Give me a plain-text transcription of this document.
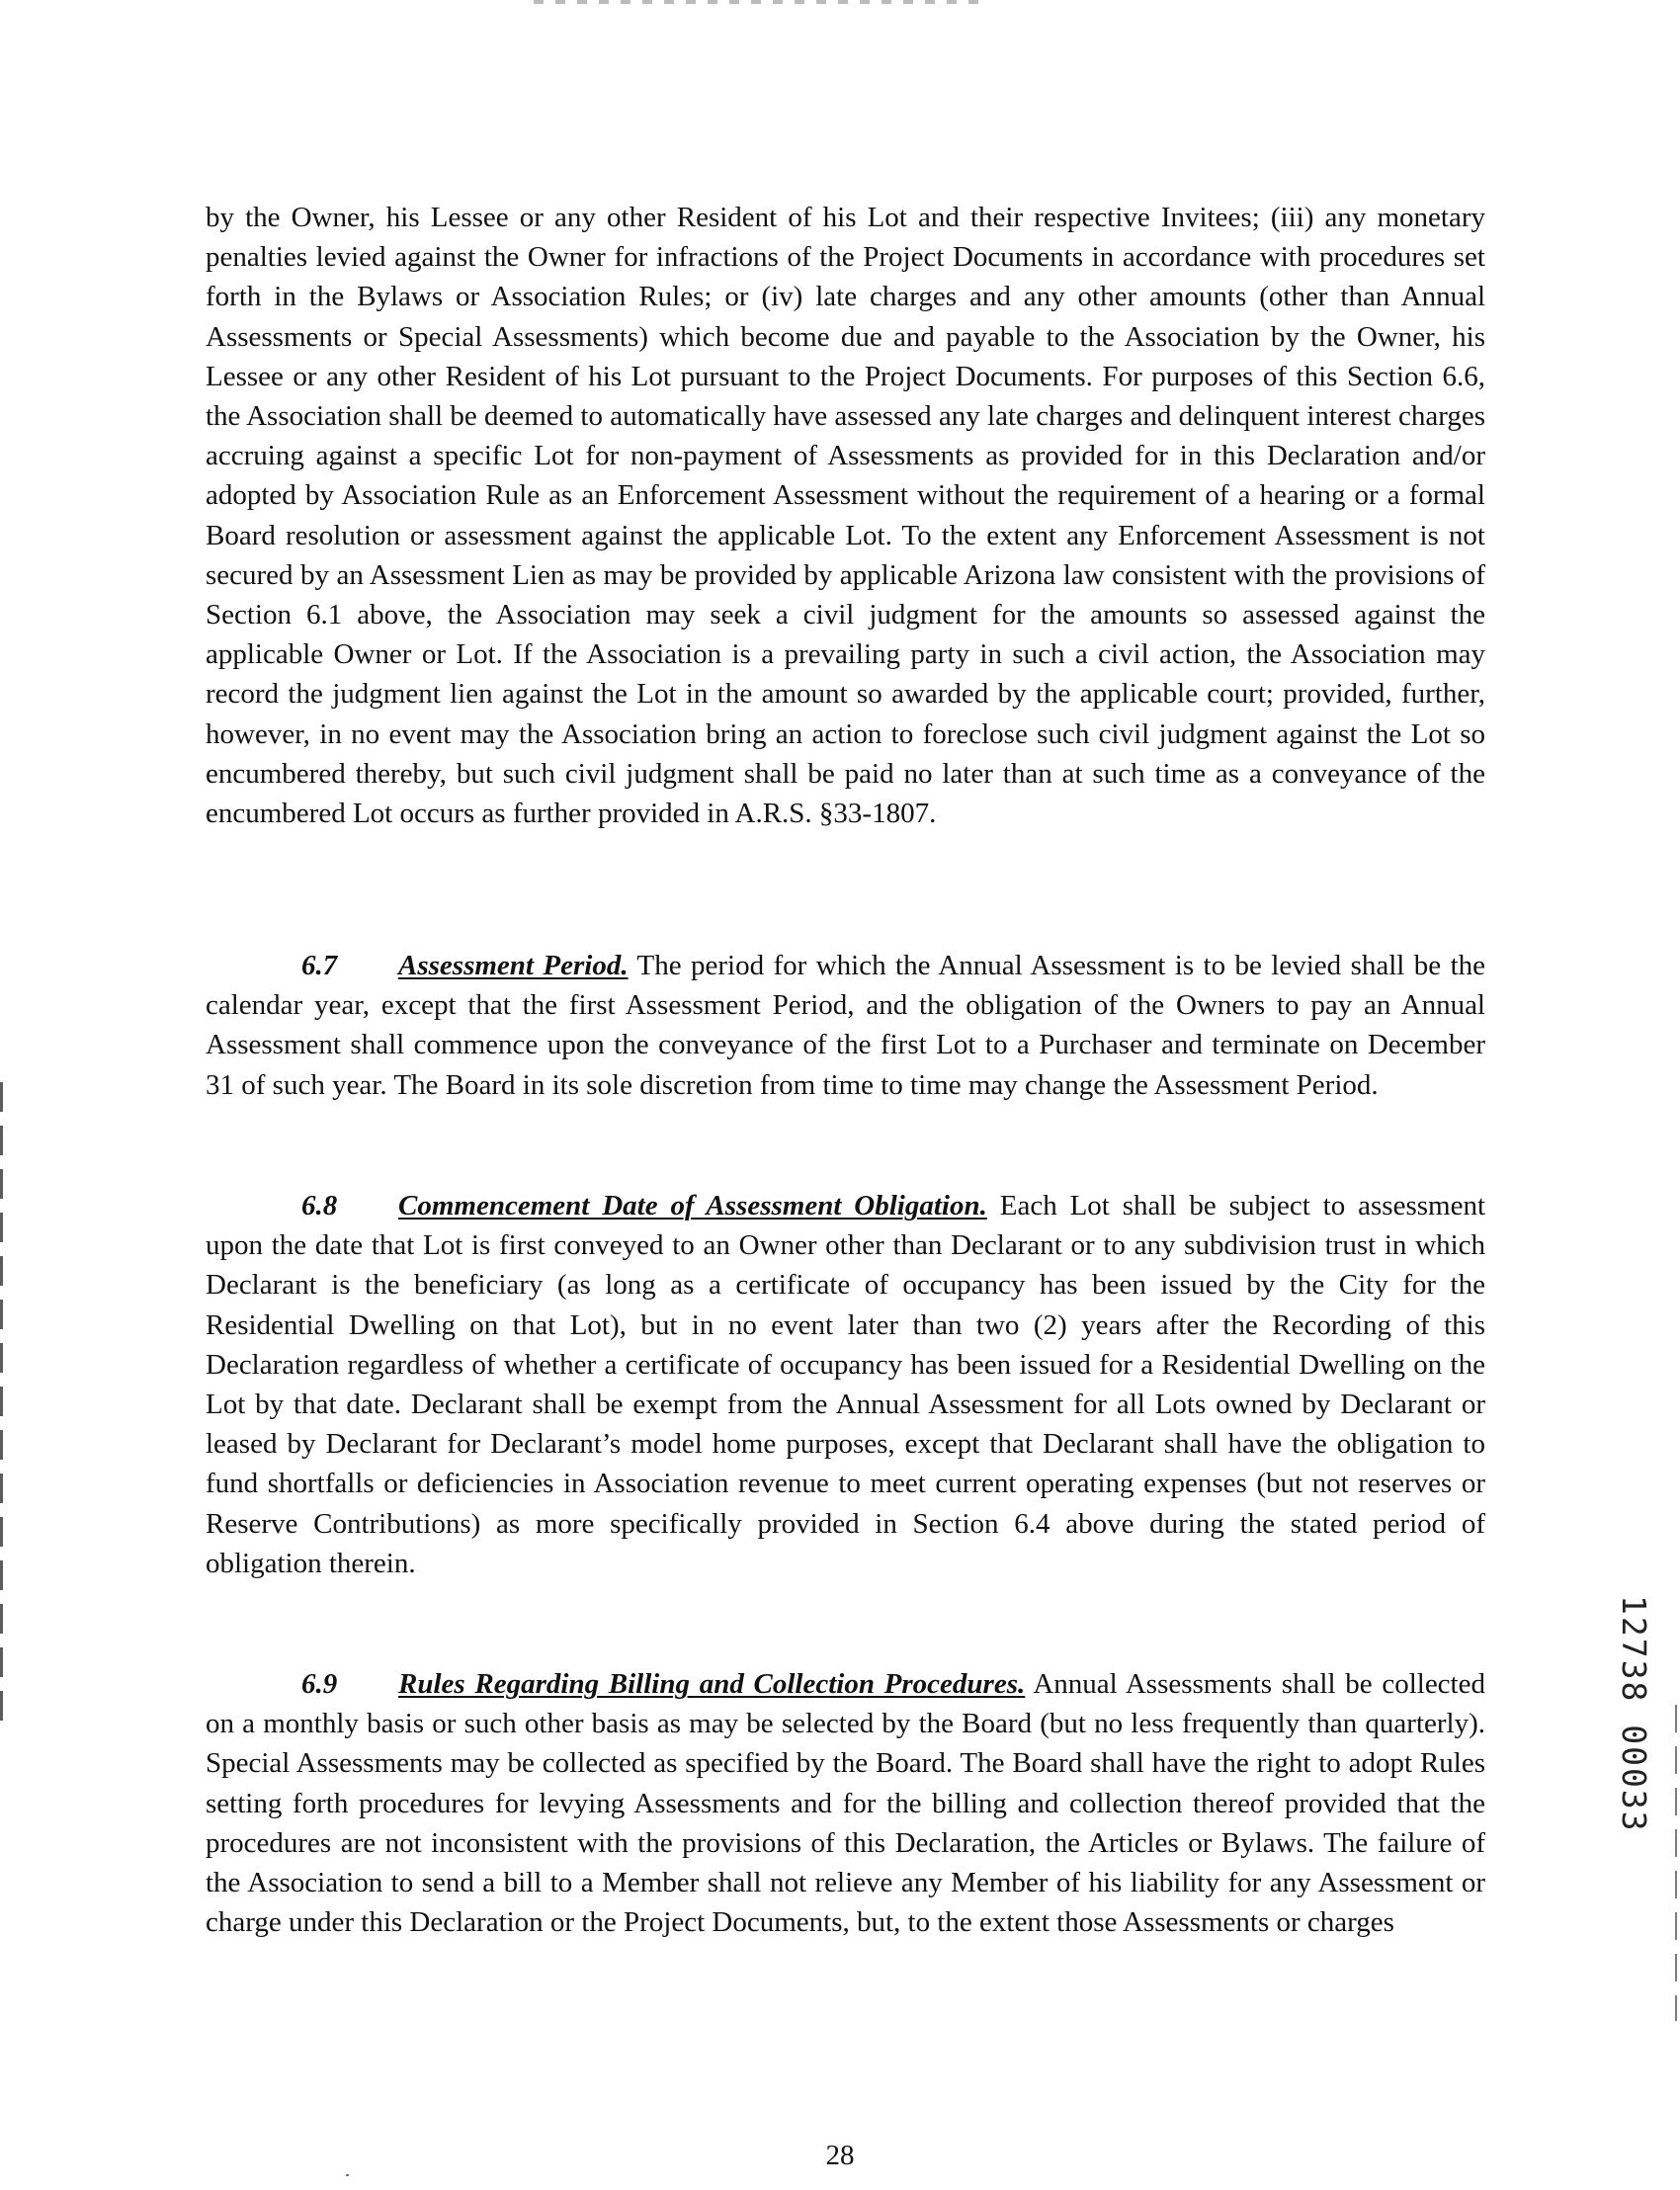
by the Owner, his Lessee or any other Resident of his Lot and their respective Invitees; (iii) any monetary penalties levied against the Owner for infractions of the Project Documents in accordance with procedures set forth in the Bylaws or Association Rules; or (iv) late charges and any other amounts (other than Annual Assessments or Special Assessments) which become due and payable to the Association by the Owner, his Lessee or any other Resident of his Lot pursuant to the Project Documents. For purposes of this Section 6.6, the Association shall be deemed to automatically have assessed any late charges and delinquent interest charges accruing against a specific Lot for non-payment of Assessments as provided for in this Declaration and/or adopted by Association Rule as an Enforcement Assessment without the requirement of a hearing or a formal Board resolution or assessment against the applicable Lot. To the extent any Enforcement Assessment is not secured by an Assessment Lien as may be provided by applicable Arizona law consistent with the provisions of Section 6.1 above, the Association may seek a civil judgment for the amounts so assessed against the applicable Owner or Lot. If the Association is a prevailing party in such a civil action, the Association may record the judgment lien against the Lot in the amount so awarded by the applicable court; provided, further, however, in no event may the Association bring an action to foreclose such civil judgment against the Lot so encumbered thereby, but such civil judgment shall be paid no later than at such time as a conveyance of the encumbered Lot occurs as further provided in A.R.S. §33-1807.

6.7 Assessment Period. The period for which the Annual Assessment is to be levied shall be the calendar year, except that the first Assessment Period, and the obligation of the Owners to pay an Annual Assessment shall commence upon the conveyance of the first Lot to a Purchaser and terminate on December 31 of such year. The Board in its sole discretion from time to time may change the Assessment Period.

6.8 Commencement Date of Assessment Obligation. Each Lot shall be subject to assessment upon the date that Lot is first conveyed to an Owner other than Declarant or to any subdivision trust in which Declarant is the beneficiary (as long as a certificate of occupancy has been issued by the City for the Residential Dwelling on that Lot), but in no event later than two (2) years after the Recording of this Declaration regardless of whether a certificate of occupancy has been issued for a Residential Dwelling on the Lot by that date. Declarant shall be exempt from the Annual Assessment for all Lots owned by Declarant or leased by Declarant for Declarant’s model home purposes, except that Declarant shall have the obligation to fund shortfalls or deficiencies in Association revenue to meet current operating expenses (but not reserves or Reserve Contributions) as more specifically provided in Section 6.4 above during the stated period of obligation therein.

6.9 Rules Regarding Billing and Collection Procedures. Annual Assessments shall be collected on a monthly basis or such other basis as may be selected by the Board (but no less frequently than quarterly). Special Assessments may be collected as specified by the Board. The Board shall have the right to adopt Rules setting forth procedures for levying Assessments and for the billing and collection thereof provided that the procedures are not inconsistent with the provisions of this Declaration, the Articles or Bylaws. The failure of the Association to send a bill to a Member shall not relieve any Member of his liability for any Assessment or charge under this Declaration or the Project Documents, but, to the extent those Assessments or charges

12738 00033
28
